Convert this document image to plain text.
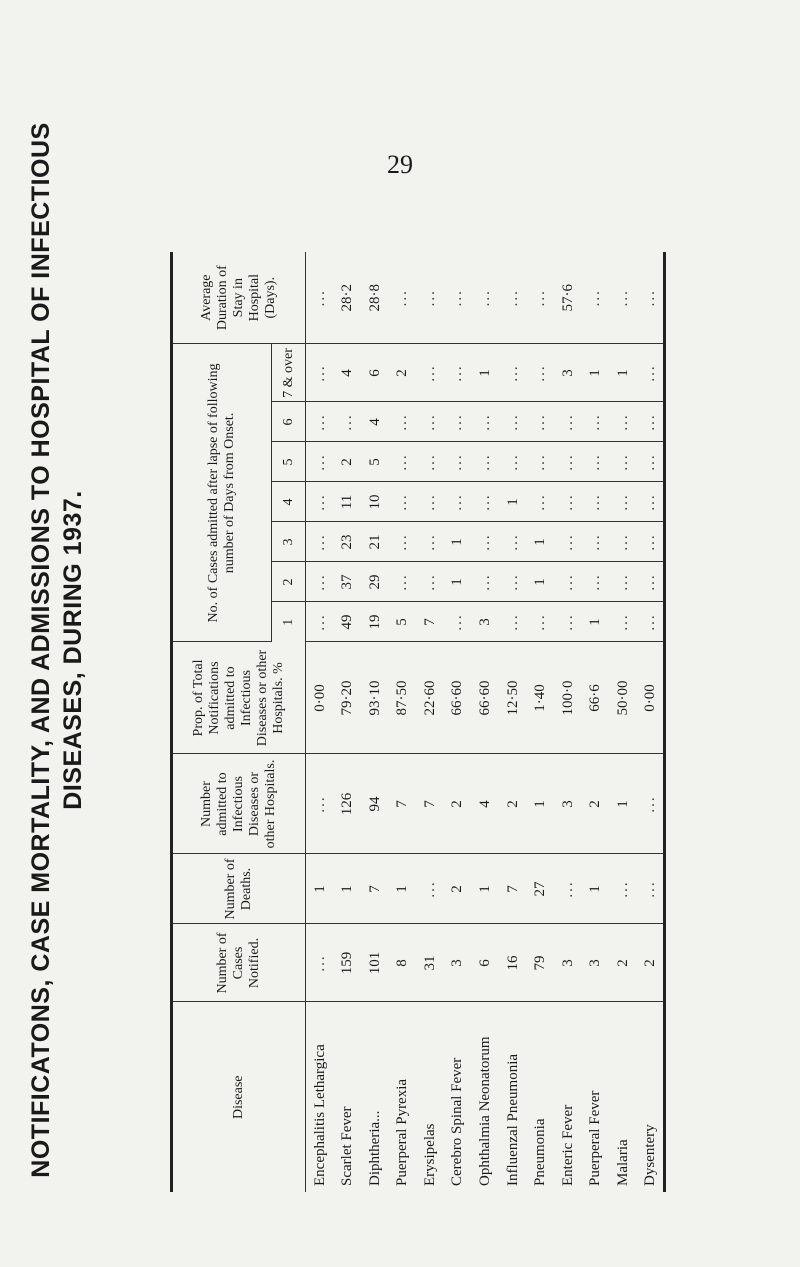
29
NOTIFICATONS, CASE MORTALITY, AND ADMISSIONS TO HOSPITAL OF INFECTIOUS DISEASES, DURING 1937.
Disease	Number of Cases Notified.	Number of Deaths.	Number admitted to Infectious Diseases or other Hospitals.	Prop. of Total Notifications admitted to Infectious Diseases or other Hospitals. %	No. of Cases admitted after lapse of following number of Days from Onset.							Average Duration of Stay in Hospital (Days).
					1	2	3	4	5	6	7 & over	
Encephalitis Lethargica	...	1	...	0·00	...	...	...	...	...	...	...	...
Scarlet Fever	159	1	126	79·20	49	37	23	11	2	...	4	28·2
Diphtheria...	101	7	94	93·10	19	29	21	10	5	4	6	28·8
Puerperal Pyrexia	8	1	7	87·50	5	...	...	...	...	...	2	...
Erysipelas	31	...	7	22·60	7	...	...	...	...	...	...	...
Cerebro Spinal Fever	3	2	2	66·60	...	1	1	...	...	...	...	...
Ophthalmia Neonatorum	6	1	4	66·60	3	...	...	...	...	...	1	...
Influenzal Pneumonia	16	7	2	12·50	...	...	...	1	...	...	...	...
Pneumonia	79	27	1	1·40	...	1	1	...	...	...	...	...
Enteric Fever	3	...	3	100·0	...	...	...	...	...	...	3	57·6
Puerperal Fever	3	1	2	66·6	1	...	...	...	...	...	1	...
Malaria	2	...	1	50·00	...	...	...	...	...	...	1	...
Dysentery	2	...	...	0·00	...	...	...	...	...	...	...	...
